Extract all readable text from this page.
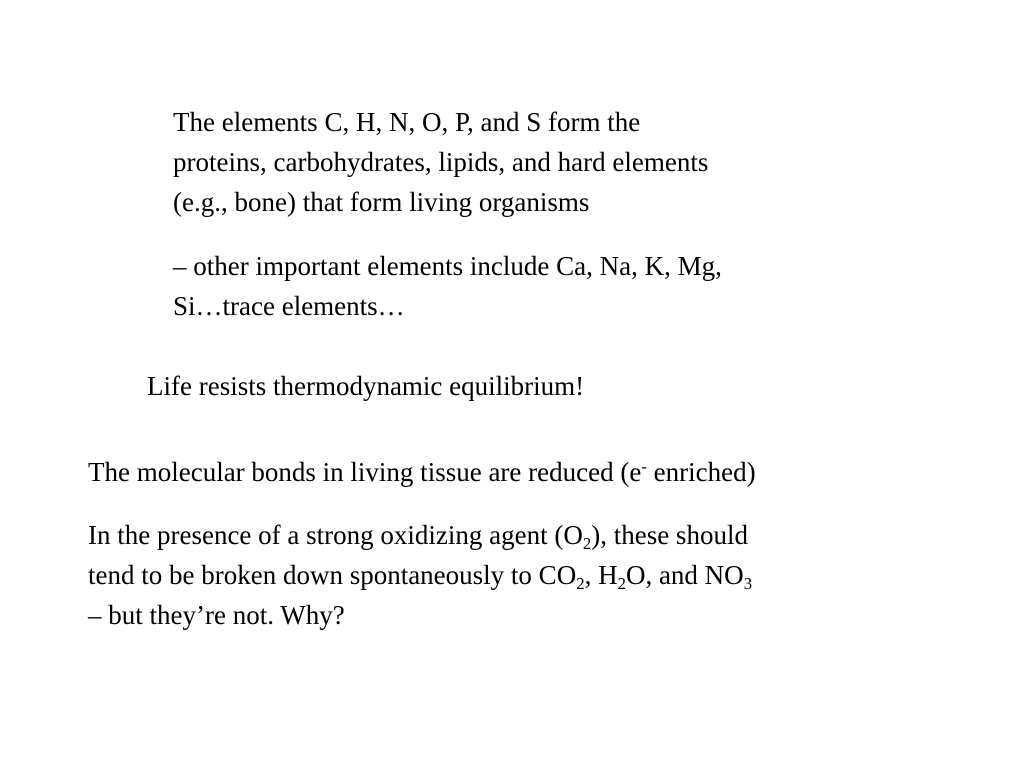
The elements C, H, N, O, P, and S form the
proteins, carbohydrates, lipids, and hard elements
(e.g., bone) that form living organisms

– other important elements include Ca, Na, K, Mg,
Si…trace elements…

Life resists thermodynamic equilibrium!

The molecular bonds in living tissue are reduced (e- enriched)

In the presence of a strong oxidizing agent $(O_2)$, these should
tend to be broken down spontaneously to $CO_2$, $H_2O$, and $NO_3$
– but they’re not. Why?
